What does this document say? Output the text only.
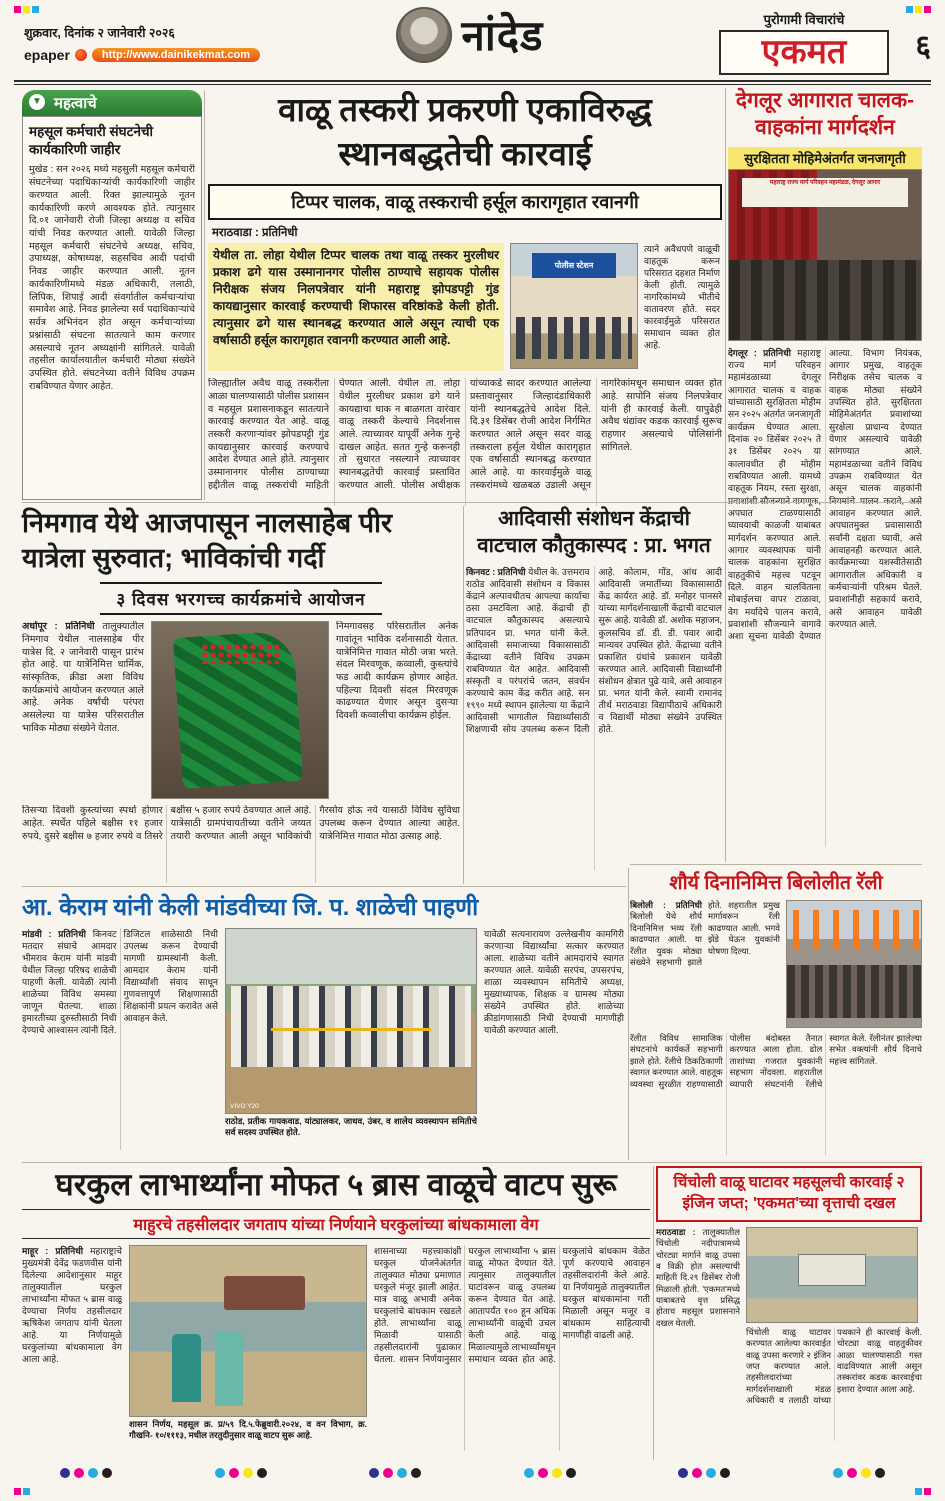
शुक्रवार, दिनांक २ जानेवारी २०२६
epaper	http://www.dainikekmat.com	नांदेड	पुरोगामी विचारांचे
एकमत	६
▼ महत्वाचे
महसूल कर्मचारी संघटनेची कार्यकारिणी जाहीर
मुखेड : सन २०२६ मध्ये महसुली महसूल कर्मचारी संघटनेच्या पदाधिकाऱ्यांची कार्यकारिणी जाहीर करण्यात आली. रिक्त झाल्यामुळे नूतन कार्यकारिणी करणे आवश्यक होते. त्यानुसार दि.०१ जानेवारी रोजी जिल्हा अध्यक्ष व सचिव यांची निवड करण्यात आली. यावेळी जिल्हा महसूल कर्मचारी संघटनेचे अध्यक्ष, सचिव, उपाध्यक्ष, कोषाध्यक्ष, सहसचिव आदी पदांची निवड जाहीर करण्यात आली. नूतन कार्यकारिणीमध्ये मंडळ अधिकारी, तलाठी, लिपिक, शिपाई आदी संवर्गातील कर्मचाऱ्यांचा समावेश आहे. निवड झालेल्या सर्व पदाधिकाऱ्यांचे सर्वत्र अभिनंदन होत असून कर्मचाऱ्यांच्या प्रश्नांसाठी संघटना सातत्याने काम करणार असल्याचे नूतन अध्यक्षांनी सांगितले. यावेळी तहसील कार्यालयातील कर्मचारी मोठ्या संख्येने उपस्थित होते. संघटनेच्या वतीने विविध उपक्रम राबविण्यात येणार आहेत.
वाळू तस्करी प्रकरणी एकाविरुद्ध स्थानबद्धतेची कारवाई
टिप्पर चालक, वाळू तस्कराची हर्सूल कारागृहात रवानगी
मराठवाडा : प्रतिनिधी
येथील ता. लोहा येथील टिप्पर चालक तथा वाळू तस्कर मुरलीधर प्रकाश ढगे यास उस्मानानगर पोलीस ठाण्याचे सहायक पोलीस निरीक्षक संजय निलपत्रेवार यांनी महाराष्ट्र झोपडपट्टी गुंड कायद्यानुसार कारवाई करण्याची शिफारस वरिष्ठांकडे केली होती. त्यानुसार ढगे यास स्थानबद्ध करण्यात आले असून त्याची एक वर्षासाठी हर्सूल कारागृहात रवानगी करण्यात आली आहे.
पोलीस स्टेशन
त्याने अवैधपणे वाळूची वाहतूक करून परिसरात दहशत निर्माण केली होती. त्यामुळे नागरिकांमध्ये भीतीचे वातावरण होते. सदर कारवाईमुळे परिसरात समाधान व्यक्त होत आहे.
जिल्ह्यातील अवैध वाळू तस्करीला आळा घालण्यासाठी पोलीस प्रशासन व महसूल प्रशासनाकडून सातत्याने कारवाई करण्यात येत आहे. वाळू तस्करी करणाऱ्यांवर झोपडपट्टी गुंड कायद्यानुसार कारवाई करण्याचे आदेश देण्यात आले होते. त्यानुसार उस्मानानगर पोलीस ठाण्याच्या हद्दीतील वाळू तस्करांची माहिती घेण्यात आली. येथील ता. लोहा येथील मुरलीधर प्रकाश ढगे याने कायद्याचा धाक न बाळगता वारंवार वाळू तस्करी केल्याचे निदर्शनास आले. त्याच्यावर यापूर्वी अनेक गुन्हे दाखल आहेत. सतत गुन्हे करूनही तो सुधारत नसल्याने त्याच्यावर स्थानबद्धतेची कारवाई प्रस्तावित करण्यात आली. पोलीस अधीक्षक यांच्याकडे सादर करण्यात आलेल्या प्रस्तावानुसार जिल्हादंडाधिकारी यांनी स्थानबद्धतेचे आदेश दिले. दि.३१ डिसेंबर रोजी आदेश निर्गमित करण्यात आले असून सदर वाळू तस्कराला हर्सूल येथील कारागृहात एक वर्षासाठी स्थानबद्ध करण्यात आले आहे. या कारवाईमुळे वाळू तस्करांमध्ये खळबळ उडाली असून नागरिकांमधून समाधान व्यक्त होत आहे. सापोनि संजय निलपत्रेवार यांनी ही कारवाई केली. यापुढेही अवैध धंद्यांवर कडक कारवाई सुरूच राहणार असल्याचे पोलिसांनी सांगितले.
देगलूर आगारात चालक- वाहकांना मार्गदर्शन
सुरक्षितता मोहिमेअंतर्गत जनजागृती
महाराष्ट्र राज्य मार्ग परिवहन महामंडळ, देगलूर आगार
देगलूर : प्रतिनिधी महाराष्ट्र राज्य मार्ग परिवहन महामंडळाच्या देगलूर आगारात चालक व वाहक यांच्यासाठी सुरक्षितता मोहीम सन २०२५ अंतर्गत जनजागृती कार्यक्रम घेण्यात आला. दिनांक २० डिसेंबर २०२५ ते ३१ डिसेंबर २०२५ या कालावधीत ही मोहीम राबविण्यात आली. यामध्ये वाहतूक नियम, रस्ता सुरक्षा, प्रवाशांशी सौजन्याने वागणूक, अपघात टाळण्यासाठी घ्यावयाची काळजी याबाबत मार्गदर्शन करण्यात आले. आगार व्यवस्थापक यांनी चालक वाहकांना सुरक्षित वाहतुकीचे महत्त्व पटवून दिले. वाहन चालविताना मोबाईलचा वापर टाळावा, वेग मर्यादेचे पालन करावे, प्रवाशांशी सौजन्याने वागावे अशा सूचना यावेळी देण्यात आल्या. विभाग नियंत्रक, आगार प्रमुख, वाहतूक निरीक्षक तसेच चालक व वाहक मोठ्या संख्येने उपस्थित होते. सुरक्षितता मोहिमेअंतर्गत प्रवाशांच्या सुरक्षेला प्राधान्य देण्यात येणार असल्याचे यावेळी सांगण्यात आले. महामंडळाच्या वतीने विविध उपक्रम राबविण्यात येत असून चालक वाहकांनी नियमांचे पालन करावे, असे आवाहन करण्यात आले. अपघातमुक्त प्रवासासाठी सर्वांनी दक्षता घ्यावी, असे आवाहनही करण्यात आले. कार्यक्रमाच्या यशस्वीतेसाठी आगारातील अधिकारी व कर्मचाऱ्यांनी परिश्रम घेतले. प्रवाशांनीही सहकार्य करावे, असे आवाहन यावेळी करण्यात आले.
निमगाव येथे आजपासून नालसाहेब पीर यात्रेला सुरुवात; भाविकांची गर्दी
३ दिवस भरगच्च कार्यक्रमांचे आयोजन
अर्धापूर : प्रतिनिधी तालुक्यातील निमगाव येथील नालसाहेब पीर यात्रेस दि. २ जानेवारी पासून प्रारंभ होत आहे. या यात्रेनिमित्त धार्मिक, सांस्कृतिक, क्रीडा अशा विविध कार्यक्रमांचे आयोजन करण्यात आले आहे. अनेक वर्षांची परंपरा असलेल्या या यात्रेस परिसरातील भाविक मोठ्या संख्येने येतात.
निमगावसह परिसरातील अनेक गावांतून भाविक दर्शनासाठी येतात. यात्रेनिमित्त गावात मोठी जत्रा भरते. संदल मिरवणूक, कव्वाली, कुस्त्यांचे फड आदी कार्यक्रम होणार आहेत. पहिल्या दिवशी संदल मिरवणूक काढण्यात येणार असून दुसऱ्या दिवशी कव्वालीचा कार्यक्रम होईल.
तिसऱ्या दिवशी कुस्त्यांच्या स्पर्धा होणार आहेत. स्पर्धेत पहिले बक्षीस ११ हजार रुपये, दुसरे बक्षीस ७ हजार रुपये व तिसरे बक्षीस ५ हजार रुपये ठेवण्यात आले आहे. यात्रेसाठी ग्रामपंचायतीच्या वतीने जय्यत तयारी करण्यात आली असून भाविकांची गैरसोय होऊ नये यासाठी विविध सुविधा उपलब्ध करून देण्यात आल्या आहेत. यात्रेनिमित्त गावात मोठा उत्साह आहे.
आदिवासी संशोधन केंद्राची वाटचाल कौतुकास्पद : प्रा. भगत
किनवट : प्रतिनिधी येथील के. उत्तमराव राठोड आदिवासी संशोधन व विकास केंद्राने अल्पावधीतच आपल्या कार्याचा ठसा उमटविला आहे. केंद्राची ही वाटचाल कौतुकास्पद असल्याचे प्रतिपादन प्रा. भगत यांनी केले. आदिवासी समाजाच्या विकासासाठी केंद्राच्या वतीने विविध उपक्रम राबविण्यात येत आहेत. आदिवासी संस्कृती व परंपरांचे जतन, संवर्धन करण्याचे काम केंद्र करीत आहे. सन १९९० मध्ये स्थापन झालेल्या या केंद्राने आदिवासी भागातील विद्यार्थ्यांसाठी शिक्षणाची सोय उपलब्ध करून दिली आहे. कोलाम, गोंड, आंध आदी आदिवासी जमातींच्या विकासासाठी केंद्र कार्यरत आहे. डॉ. मनोहर पानसरे यांच्या मार्गदर्शनाखाली केंद्राची वाटचाल सुरू आहे. यावेळी डॉ. अशोक महाजन, कुलसचिव डॉ. डी. डी. पवार आदी मान्यवर उपस्थित होते. केंद्राच्या वतीने प्रकाशित ग्रंथांचे प्रकाशन यावेळी करण्यात आले. आदिवासी विद्यार्थ्यांनी संशोधन क्षेत्रात पुढे यावे, असे आवाहन प्रा. भगत यांनी केले. स्वामी रामानंद तीर्थ मराठवाडा विद्यापीठाचे अधिकारी व विद्यार्थी मोठ्या संख्येने उपस्थित होते.
शौर्य दिनानिमित्त बिलोलीत रॅली
बिलोली : प्रतिनिधी बिलोली येथे शौर्य दिनानिमित्त भव्य रॅली काढण्यात आली. या रॅलीत युवक मोठ्या संख्येने सहभागी झाले होते. शहरातील प्रमुख मार्गावरून रॅली काढण्यात आली. भगवे झेंडे घेऊन युवकांनी घोषणा दिल्या.
रॅलीत विविध सामाजिक संघटनांचे कार्यकर्ते सहभागी झाले होते. रॅलीचे ठिकठिकाणी स्वागत करण्यात आले. वाहतूक व्यवस्था सुरळीत राहण्यासाठी पोलीस बंदोबस्त तैनात करण्यात आला होता. ढोल ताशांच्या गजरात युवकांनी सहभाग नोंदवला. शहरातील व्यापारी संघटनांनी रॅलीचे स्वागत केले. रॅलीनंतर झालेल्या सभेत वक्त्यांनी शौर्य दिनाचे महत्त्व सांगितले.
आ. केराम यांनी केली मांडवीच्या जि. प. शाळेची पाहणी
मांडवी : प्रतिनिधी किनवट मतदार संघाचे आमदार भीमराव केराम यांनी मांडवी येथील जिल्हा परिषद शाळेची पाहणी केली. यावेळी त्यांनी शाळेच्या विविध समस्या जाणून घेतल्या. शाळा इमारतीच्या दुरुस्तीसाठी निधी देण्याचे आश्वासन त्यांनी दिले. डिजिटल शाळेसाठी निधी उपलब्ध करून देण्याची मागणी ग्रामस्थांनी केली. आमदार केराम यांनी विद्यार्थ्यांशी संवाद साधून गुणवत्तापूर्ण शिक्षणासाठी शिक्षकांनी प्रयत्न करावेत असे आवाहन केले.
VIVO Y20
राठोड, प्रतीक गायकवाड, यांट्यालकर, जाधव, उंबर, व शालेय व्यवस्थापन समितीचे सर्व सदस्य उपस्थित होते.
यावेळी सत्यनारायण उल्लेखनीय कामगिरी करणाऱ्या विद्यार्थ्यांचा सत्कार करण्यात आला. शाळेच्या वतीने आमदारांचे स्वागत करण्यात आले. यावेळी सरपंच, उपसरपंच, शाळा व्यवस्थापन समितीचे अध्यक्ष, मुख्याध्यापक, शिक्षक व ग्रामस्थ मोठ्या संख्येने उपस्थित होते. शाळेच्या क्रीडांगणासाठी निधी देण्याची मागणीही यावेळी करण्यात आली.
घरकुल लाभार्थ्यांना मोफत ५ ब्रास वाळूचे वाटप सुरू
माहुरचे तहसीलदार जगताप यांच्या निर्णयाने घरकुलांच्या बांधकामाला वेग
माहूर : प्रतिनिधी महाराष्ट्राचे मुख्यमंत्री देवेंद्र फडणवीस यांनी दिलेल्या आदेशानुसार माहूर तालुक्यातील घरकुल लाभार्थ्यांना मोफत ५ ब्रास वाळू देण्याचा निर्णय तहसीलदार ऋषिकेश जगताप यांनी घेतला आहे. या निर्णयामुळे घरकुलांच्या बांधकामाला वेग आला आहे.
शासन निर्णय, महसूल क्र. प्र/५९ दि.५.फेब्रुवारी.२०२४, व वन विभाग, क्र. गौखनि- १०/१११३, मधील तरतुदीनुसार वाळू वाटप सुरू आहे.
शासनाच्या महत्त्वाकांक्षी घरकुल योजनेअंतर्गत तालुक्यात मोठ्या प्रमाणात घरकुले मंजूर झाली आहेत. मात्र वाळू अभावी अनेक घरकुलांचे बांधकाम रखडले होते. लाभार्थ्यांना वाळू मिळावी यासाठी तहसीलदारांनी पुढाकार घेतला. शासन निर्णयानुसार घरकुल लाभार्थ्यांना ५ ब्रास वाळू मोफत देण्यात येते. त्यानुसार तालुक्यातील घाटांवरून वाळू उपलब्ध करून देण्यात येत आहे. आतापर्यंत १०० हून अधिक लाभार्थ्यांनी वाळूची उचल केली आहे. वाळू मिळाल्यामुळे लाभार्थ्यांमधून समाधान व्यक्त होत आहे. घरकुलांचे बांधकाम वेळेत पूर्ण करण्याचे आवाहन तहसीलदारांनी केले आहे. या निर्णयामुळे तालुक्यातील घरकुल बांधकामांना गती मिळाली असून मजूर व बांधकाम साहित्याची मागणीही वाढली आहे.
चिंचोली वाळू घाटावर महसूलची कारवाई २ इंजिन जप्त; 'एकमत'च्या वृत्ताची दखल
मराठवाडा : तालुक्यातील चिंचोली नदीपात्रामध्ये चोरट्या मार्गाने वाळू उपसा व विक्री होत असल्याची माहिती दि.२९ डिसेंबर रोजी मिळाली होती. 'एकमत'मध्ये याबाबतचे वृत्त प्रसिद्ध होताच महसूल प्रशासनाने दखल घेतली.
चिंचोली वाळू घाटावर करण्यात आलेल्या कारवाईत वाळू उपसा करणारे २ इंजिन जप्त करण्यात आले. तहसीलदारांच्या मार्गदर्शनाखाली मंडळ अधिकारी व तलाठी यांच्या पथकाने ही कारवाई केली. चोरट्या वाळू वाहतुकीवर आळा घालण्यासाठी गस्त वाढविण्यात आली असून तस्करांवर कडक कारवाईचा इशारा देण्यात आला आहे.
